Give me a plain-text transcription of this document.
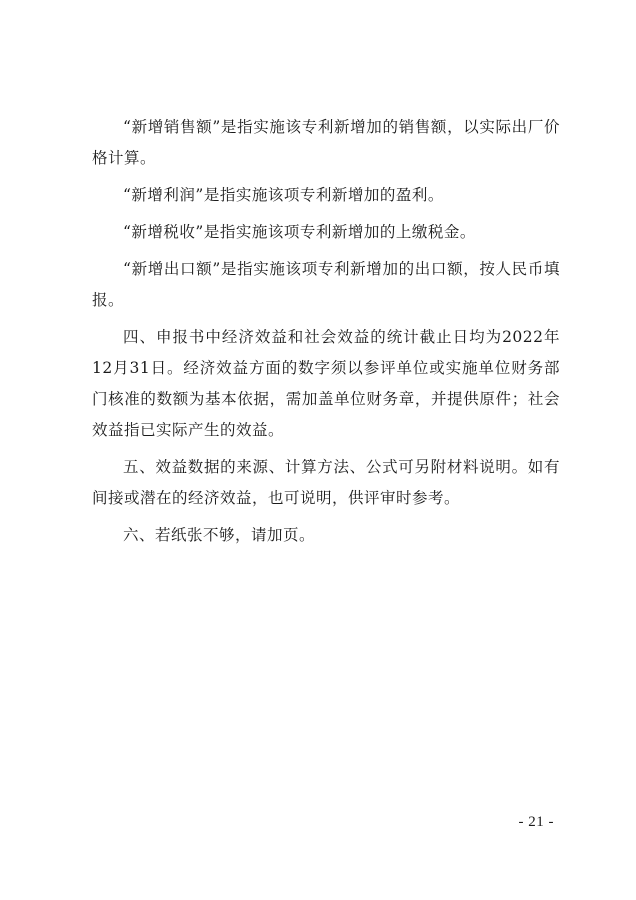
“新增销售额”是指实施该专利新增加的销售额，以实际出厂价格计算。

“新增利润”是指实施该项专利新增加的盈利。

“新增税收”是指实施该项专利新增加的上缴税金。

“新增出口额”是指实施该项专利新增加的出口额，按人民币填报。

四、申报书中经济效益和社会效益的统计截止日均为2022年12月31日。经济效益方面的数字须以参评单位或实施单位财务部门核准的数额为基本依据，需加盖单位财务章，并提供原件；社会效益指已实际产生的效益。

五、效益数据的来源、计算方法、公式可另附材料说明。如有间接或潜在的经济效益，也可说明，供评审时参考。

六、若纸张不够，请加页。

- 21 -
